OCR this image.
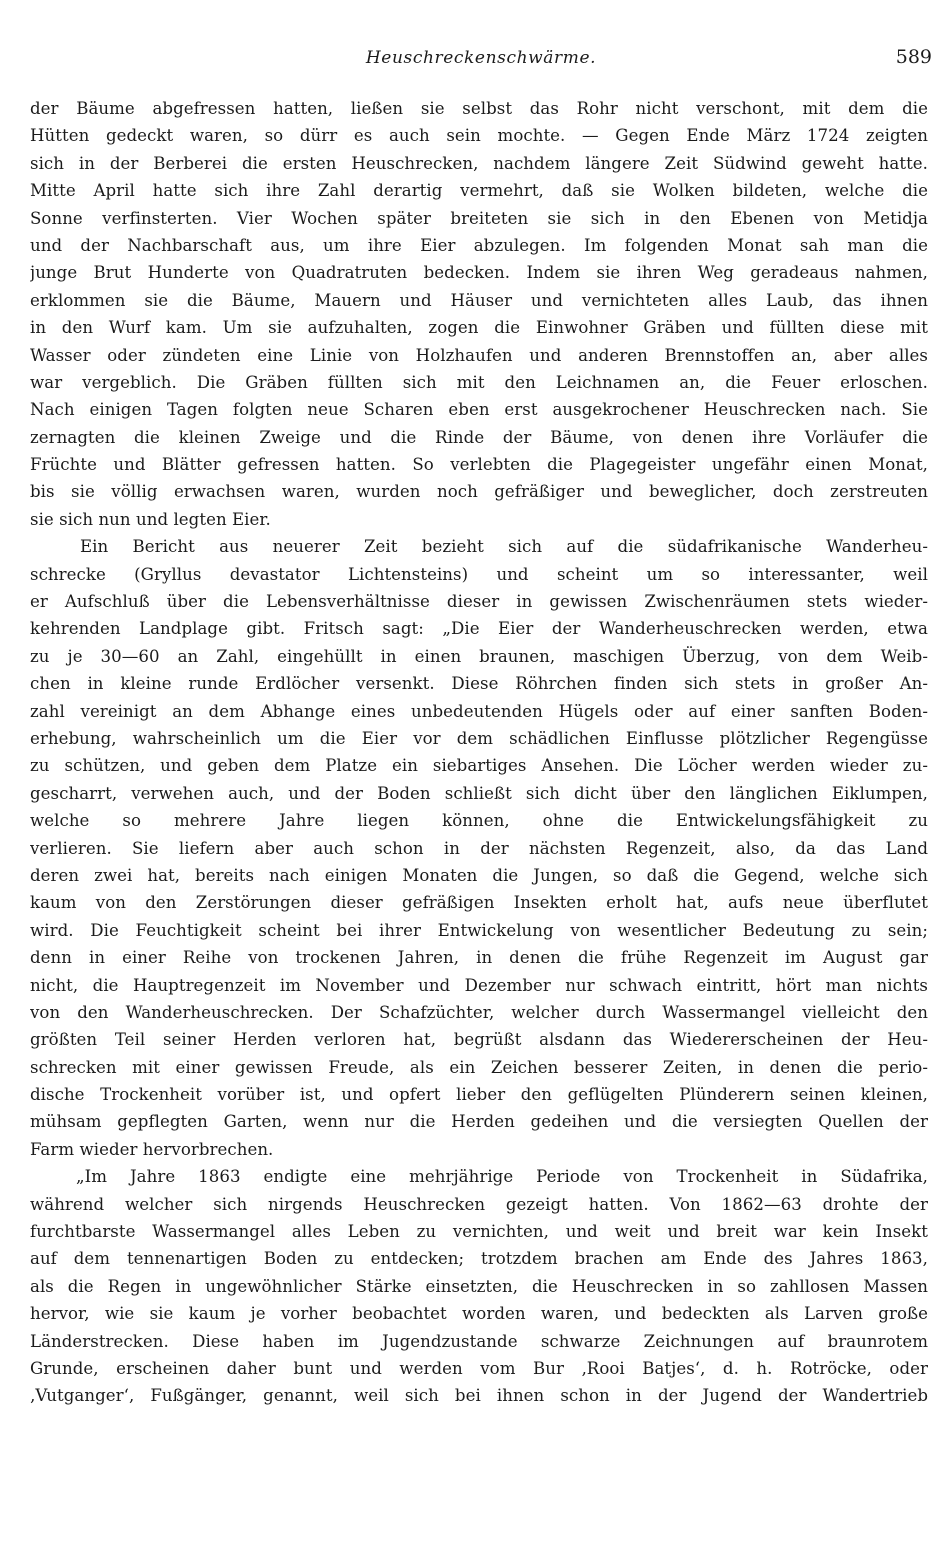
Heuschreckenschwärme.	589
der Bäume abgefressen hatten, ließen sie selbst das Rohr nicht verschont, mit dem die
Hütten gedeckt waren, so dürr es auch sein mochte. — Gegen Ende März 1724 zeigten
sich in der Berberei die ersten Heuschrecken, nachdem längere Zeit Südwind geweht hatte.
Mitte April hatte sich ihre Zahl derartig vermehrt, daß sie Wolken bildeten, welche die
Sonne verfinsterten. Vier Wochen später breiteten sie sich in den Ebenen von Metidja
und der Nachbarschaft aus, um ihre Eier abzulegen. Im folgenden Monat sah man die
junge Brut Hunderte von Quadratruten bedecken. Indem sie ihren Weg geradeaus nahmen,
erklommen sie die Bäume, Mauern und Häuser und vernichteten alles Laub, das ihnen
in den Wurf kam. Um sie aufzuhalten, zogen die Einwohner Gräben und füllten diese mit
Wasser oder zündeten eine Linie von Holzhaufen und anderen Brennstoffen an, aber alles
war vergeblich. Die Gräben füllten sich mit den Leichnamen an, die Feuer erloschen.
Nach einigen Tagen folgten neue Scharen eben erst ausgekrochener Heuschrecken nach. Sie
zernagten die kleinen Zweige und die Rinde der Bäume, von denen ihre Vorläufer die
Früchte und Blätter gefressen hatten. So verlebten die Plagegeister ungefähr einen Monat,
bis sie völlig erwachsen waren, wurden noch gefräßiger und beweglicher, doch zerstreuten
sie sich nun und legten Eier.
Ein Bericht aus neuerer Zeit bezieht sich auf die südafrikanische Wanderheu-
schrecke (Gryllus devastator Lichtensteins) und scheint um so interessanter, weil
er Aufschluß über die Lebensverhältnisse dieser in gewissen Zwischenräumen stets wieder-
kehrenden Landplage gibt. Fritsch sagt: „Die Eier der Wanderheuschrecken werden, etwa
zu je 30—60 an Zahl, eingehüllt in einen braunen, maschigen Überzug, von dem Weib-
chen in kleine runde Erdlöcher versenkt. Diese Röhrchen finden sich stets in großer An-
zahl vereinigt an dem Abhange eines unbedeutenden Hügels oder auf einer sanften Boden-
erhebung, wahrscheinlich um die Eier vor dem schädlichen Einflusse plötzlicher Regengüsse
zu schützen, und geben dem Platze ein siebartiges Ansehen. Die Löcher werden wieder zu-
gescharrt, verwehen auch, und der Boden schließt sich dicht über den länglichen Eiklumpen,
welche so mehrere Jahre liegen können, ohne die Entwickelungsfähigkeit zu
verlieren. Sie liefern aber auch schon in der nächsten Regenzeit, also, da das Land
deren zwei hat, bereits nach einigen Monaten die Jungen, so daß die Gegend, welche sich
kaum von den Zerstörungen dieser gefräßigen Insekten erholt hat, aufs neue überflutet
wird. Die Feuchtigkeit scheint bei ihrer Entwickelung von wesentlicher Bedeutung zu sein;
denn in einer Reihe von trockenen Jahren, in denen die frühe Regenzeit im August gar
nicht, die Hauptregenzeit im November und Dezember nur schwach eintritt, hört man nichts
von den Wanderheuschrecken. Der Schafzüchter, welcher durch Wassermangel vielleicht den
größten Teil seiner Herden verloren hat, begrüßt alsdann das Wiedererscheinen der Heu-
schrecken mit einer gewissen Freude, als ein Zeichen besserer Zeiten, in denen die perio-
dische Trockenheit vorüber ist, und opfert lieber den geflügelten Plünderern seinen kleinen,
mühsam gepflegten Garten, wenn nur die Herden gedeihen und die versiegten Quellen der
Farm wieder hervorbrechen.
„Im Jahre 1863 endigte eine mehrjährige Periode von Trockenheit in Südafrika,
während welcher sich nirgends Heuschrecken gezeigt hatten. Von 1862—63 drohte der
furchtbarste Wassermangel alles Leben zu vernichten, und weit und breit war kein Insekt
auf dem tennenartigen Boden zu entdecken; trotzdem brachen am Ende des Jahres 1863,
als die Regen in ungewöhnlicher Stärke einsetzten, die Heuschrecken in so zahllosen Massen
hervor, wie sie kaum je vorher beobachtet worden waren, und bedeckten als Larven große
Länderstrecken. Diese haben im Jugendzustande schwarze Zeichnungen auf braunrotem
Grunde, erscheinen daher bunt und werden vom Bur ‚Rooi Batjes‘, d. h. Rotröcke, oder
‚Vutganger‘, Fußgänger, genannt, weil sich bei ihnen schon in der Jugend der Wandertrieb
